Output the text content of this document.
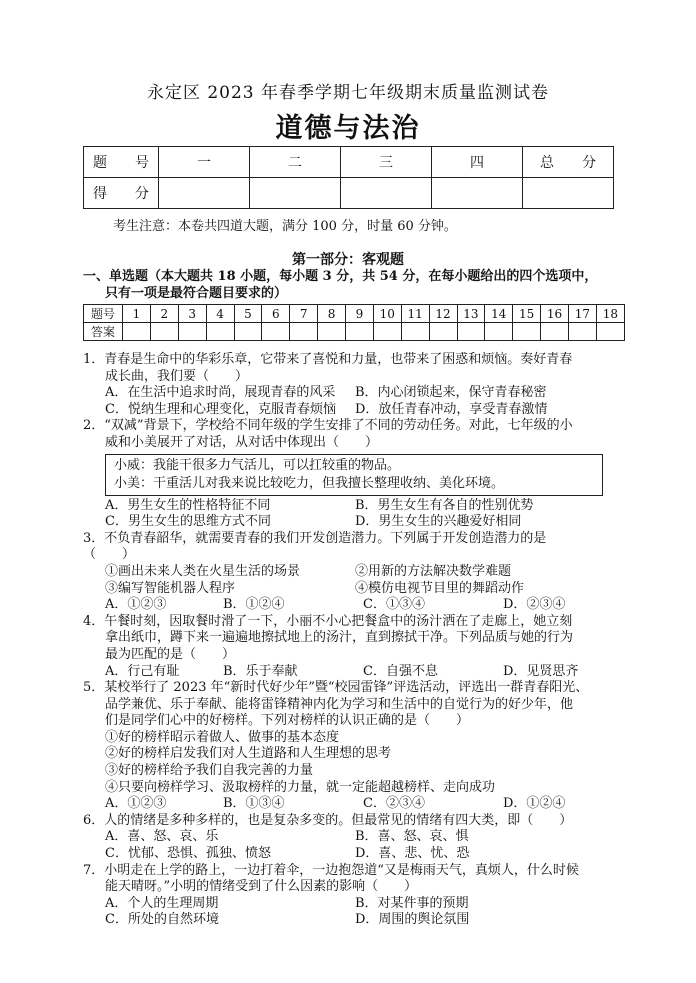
永定区 2023 年春季学期七年级期末质量监测试卷
道德与法治
题　　号	一	二	三	四	总　　分
得　　分					
考生注意：本卷共四道大题，满分 100 分，时量 60 分钟。
第一部分：客观题
一、单选题（本大题共 18 小题，每小题 3 分，共 54 分，在每小题给出的四个选项中，
只有一项是最符合题目要求的）
题号	1	2	3	4	5	6	7	8	9	10	11	12	13	14	15	16	17	18
答案																		
1．青春是生命中的华彩乐章，它带来了喜悦和力量，也带来了困惑和烦恼。奏好青春
成长曲，我们要（　　）
A．在生活中追求时尚，展现青春的风采	B．内心闭锁起来，保守青春秘密
C．悦纳生理和心理变化，克服青春烦恼	D．放任青春冲动，享受青春激情
2．“双减”背景下，学校给不同年级的学生安排了不同的劳动任务。对此，七年级的小
威和小美展开了对话，从对话中体现出（　　）
小威：我能干很多力气活儿，可以扛较重的物品。
小美：干重活儿对我来说比较吃力，但我擅长整理收纳、美化环境。
A．男生女生的性格特征不同	B．男生女生有各自的性别优势
C．男生女生的思维方式不同	D．男生女生的兴趣爱好相同
3．不负青春韶华，就需要青春的我们开发创造潜力。下列属于开发创造潜力的是
（　　）
①画出未来人类在火星生活的场景	②用新的方法解决数学难题
③编写智能机器人程序	④模仿电视节目里的舞蹈动作
A．①②③	B．①②④	C．①③④	D．②③④
4．午餐时刻，因取餐时滑了一下，小丽不小心把餐盒中的汤汁洒在了走廊上，她立刻
拿出纸巾，蹲下来一遍遍地擦拭地上的汤汁，直到擦拭干净。下列品质与她的行为
最为匹配的是（　　）
A．行己有耻	B．乐于奉献	C．自强不息	D．见贤思齐
5．某校举行了 2023 年“新时代好少年”暨“校园雷锋”评选活动，评选出一群青春阳光、
品学兼优、乐于奉献、能将雷锋精神内化为学习和生活中的自觉行为的好少年，他
们是同学们心中的好榜样。下列对榜样的认识正确的是（　　）
①好的榜样昭示着做人、做事的基本态度
②好的榜样启发我们对人生道路和人生理想的思考
③好的榜样给予我们自我完善的力量
④只要向榜样学习、汲取榜样的力量，就一定能超越榜样、走向成功
A．①②③	B．①③④	C．②③④	D．①②④
6．人的情绪是多种多样的，也是复杂多变的。但最常见的情绪有四大类，即（　　）
A．喜、怒、哀、乐	B．喜、怒、哀、惧
C．忧郁、恐惧、孤独、愤怒	D．喜、悲、忧、恐
7．小明走在上学的路上，一边打着伞，一边抱怨道“又是梅雨天气，真烦人，什么时候
能天晴呀。”小明的情绪受到了什么因素的影响（　　）
A．个人的生理周期	B．对某件事的预期
C．所处的自然环境	D．周围的舆论氛围
